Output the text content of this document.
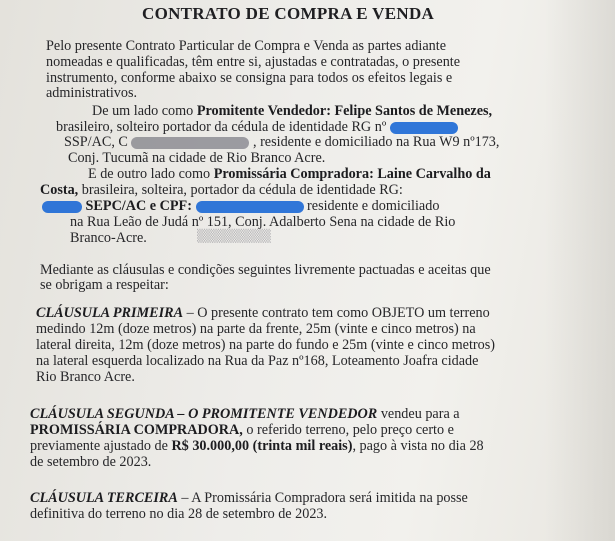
CONTRATO DE COMPRA E VENDA
Pelo presente Contrato Particular de Compra e Venda as partes adiante
nomeadas e qualificadas, têm entre si, ajustadas e contratadas, o presente
instrumento, conforme abaixo se consigna para todos os efeitos legais e
administrativos.
De um lado como Promitente Vendedor: Felipe Santos de Menezes,
brasileiro, solteiro portador da cédula de identidade RG nº
SSP/AC, C	, residente e domiciliado na Rua W9 nº173,
Conj. Tucumã na cidade de Rio Branco Acre.
E de outro lado como Promissária Compradora: Laine Carvalho da
Costa, brasileira, solteira, portador da cédula de identidade RG:
SEPC/AC e CPF:	residente e domiciliado
na Rua Leão de Judá nº 151, Conj. Adalberto Sena na cidade de Rio
Branco-Acre.	▒▒▒▒▒▒▒▒
Mediante as cláusulas e condições seguintes livremente pactuadas e aceitas que
se obrigam a respeitar:
CLÁUSULA PRIMEIRA – O presente contrato tem como OBJETO um terreno
medindo 12m (doze metros) na parte da frente, 25m (vinte e cinco metros) na
lateral direita, 12m (doze metros) na parte do fundo e 25m (vinte e cinco metros)
na lateral esquerda localizado na Rua da Paz nº168, Loteamento Joafra cidade
Rio Branco Acre.
CLÁUSULA SEGUNDA – O PROMITENTE VENDEDOR vendeu para a
PROMISSÁRIA COMPRADORA, o referido terreno, pelo preço certo e
previamente ajustado de R$ 30.000,00 (trinta mil reais), pago à vista no dia 28
de setembro de 2023.
CLÁUSULA TERCEIRA – A Promissária Compradora será imitida na posse
definitiva do terreno no dia 28 de setembro de 2023.
